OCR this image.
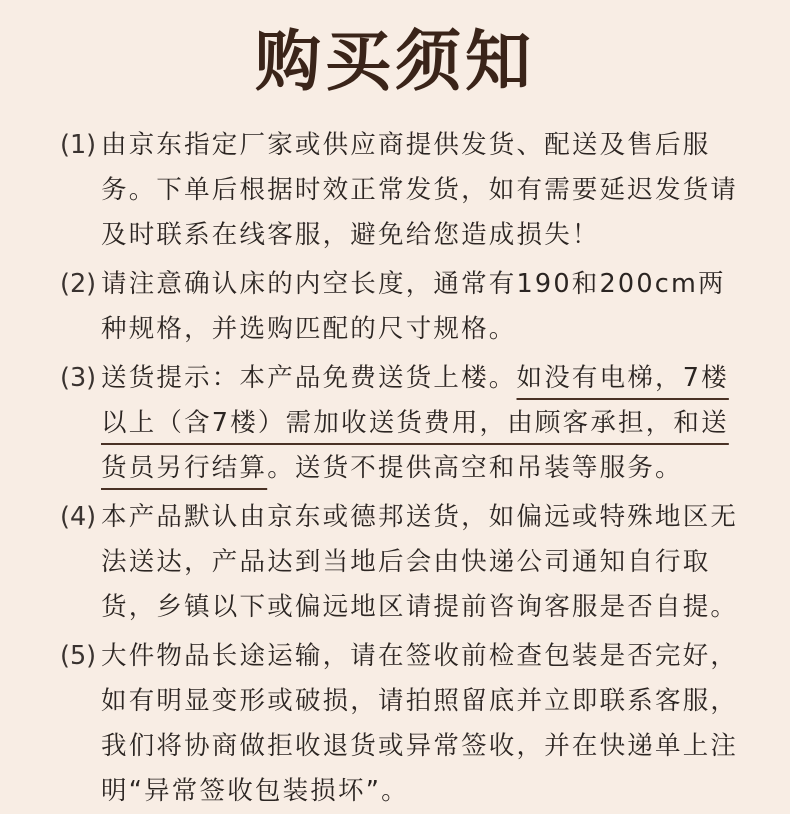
购买须知
(1) 由京东指定厂家或供应商提供发货、配送及售后服务。下单后根据时效正常发货，如有需要延迟发货请及时联系在线客服，避免给您造成损失！
(2) 请注意确认床的内空长度，通常有190和200cm两种规格，并选购匹配的尺寸规格。
(3) 送货提示：本产品免费送货上楼。如没有电梯，7楼以上（含7楼）需加收送货费用，由顾客承担，和送货员另行结算。送货不提供高空和吊装等服务。
(4) 本产品默认由京东或德邦送货，如偏远或特殊地区无法送达，产品达到当地后会由快递公司通知自行取货，乡镇以下或偏远地区请提前咨询客服是否自提。
(5) 大件物品长途运输，请在签收前检查包装是否完好，如有明显变形或破损，请拍照留底并立即联系客服，我们将协商做拒收退货或异常签收，并在快递单上注明“异常签收包装损坏”。
